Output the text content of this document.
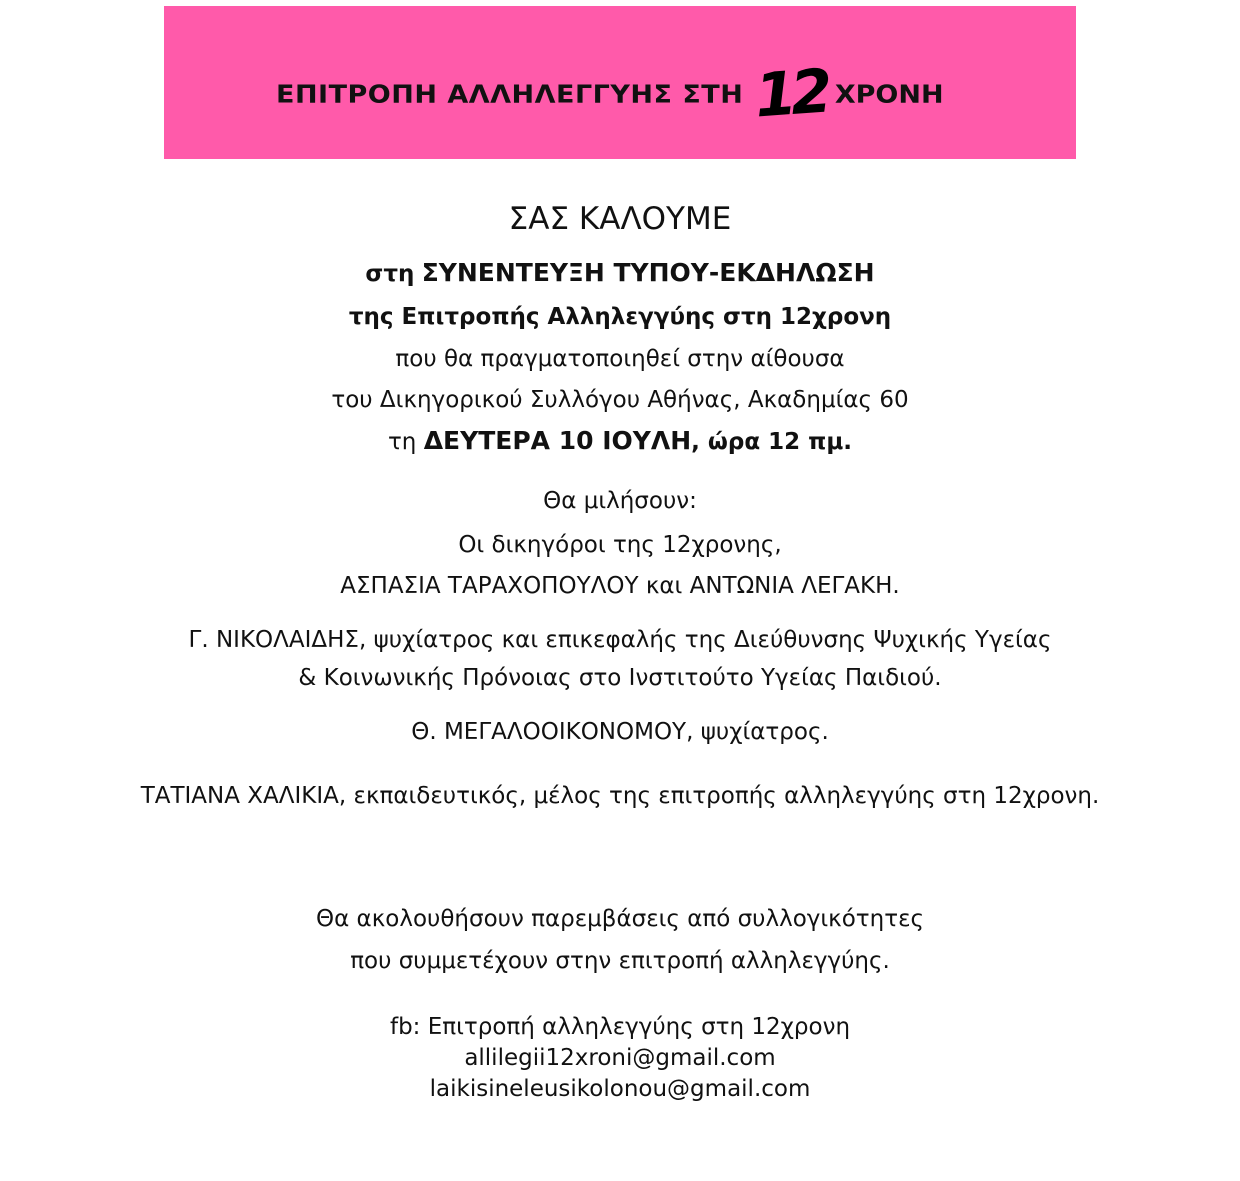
ΕΠΙΤΡΟΠΗ ΑΛΛΗΛΕΓΓΥΗΣ ΣΤΗ 12 ΧΡΟΝΗ
ΣΑΣ ΚΑΛΟΥΜΕ
στη ΣΥΝΕΝΤΕΥΞΗ ΤΥΠΟΥ-ΕΚΔΗΛΩΣΗ
της Επιτροπής Αλληλεγγύης στη 12χρονη
που θα πραγματοποιηθεί στην αίθουσα
του Δικηγορικού Συλλόγου Αθήνας, Ακαδημίας 60
τη ΔΕΥΤΕΡΑ 10 ΙΟΥΛΗ, ώρα 12 πμ.
Θα μιλήσουν:
Οι δικηγόροι της 12χρονης,
ΑΣΠΑΣΙΑ ΤΑΡΑΧΟΠΟΥΛΟΥ και ΑΝΤΩΝΙΑ ΛΕΓΑΚΗ.
Γ. ΝΙΚΟΛΑΙΔΗΣ, ψυχίατρος και επικεφαλής της Διεύθυνσης Ψυχικής Υγείας
& Κοινωνικής Πρόνοιας στο Ινστιτούτο Υγείας Παιδιού.
Θ. ΜΕΓΑΛΟΟΙΚΟΝΟΜΟΥ, ψυχίατρος.
ΤΑΤΙΑΝΑ ΧΑΛΙΚΙΑ, εκπαιδευτικός, μέλος της επιτροπής αλληλεγγύης στη 12χρονη.
Θα ακολουθήσουν παρεμβάσεις από συλλογικότητες
που συμμετέχουν στην επιτροπή αλληλεγγύης.
fb: Επιτροπή αλληλεγγύης στη 12χρονη
allilegii12xroni@gmail.com
laikisineleusikolonou@gmail.com
